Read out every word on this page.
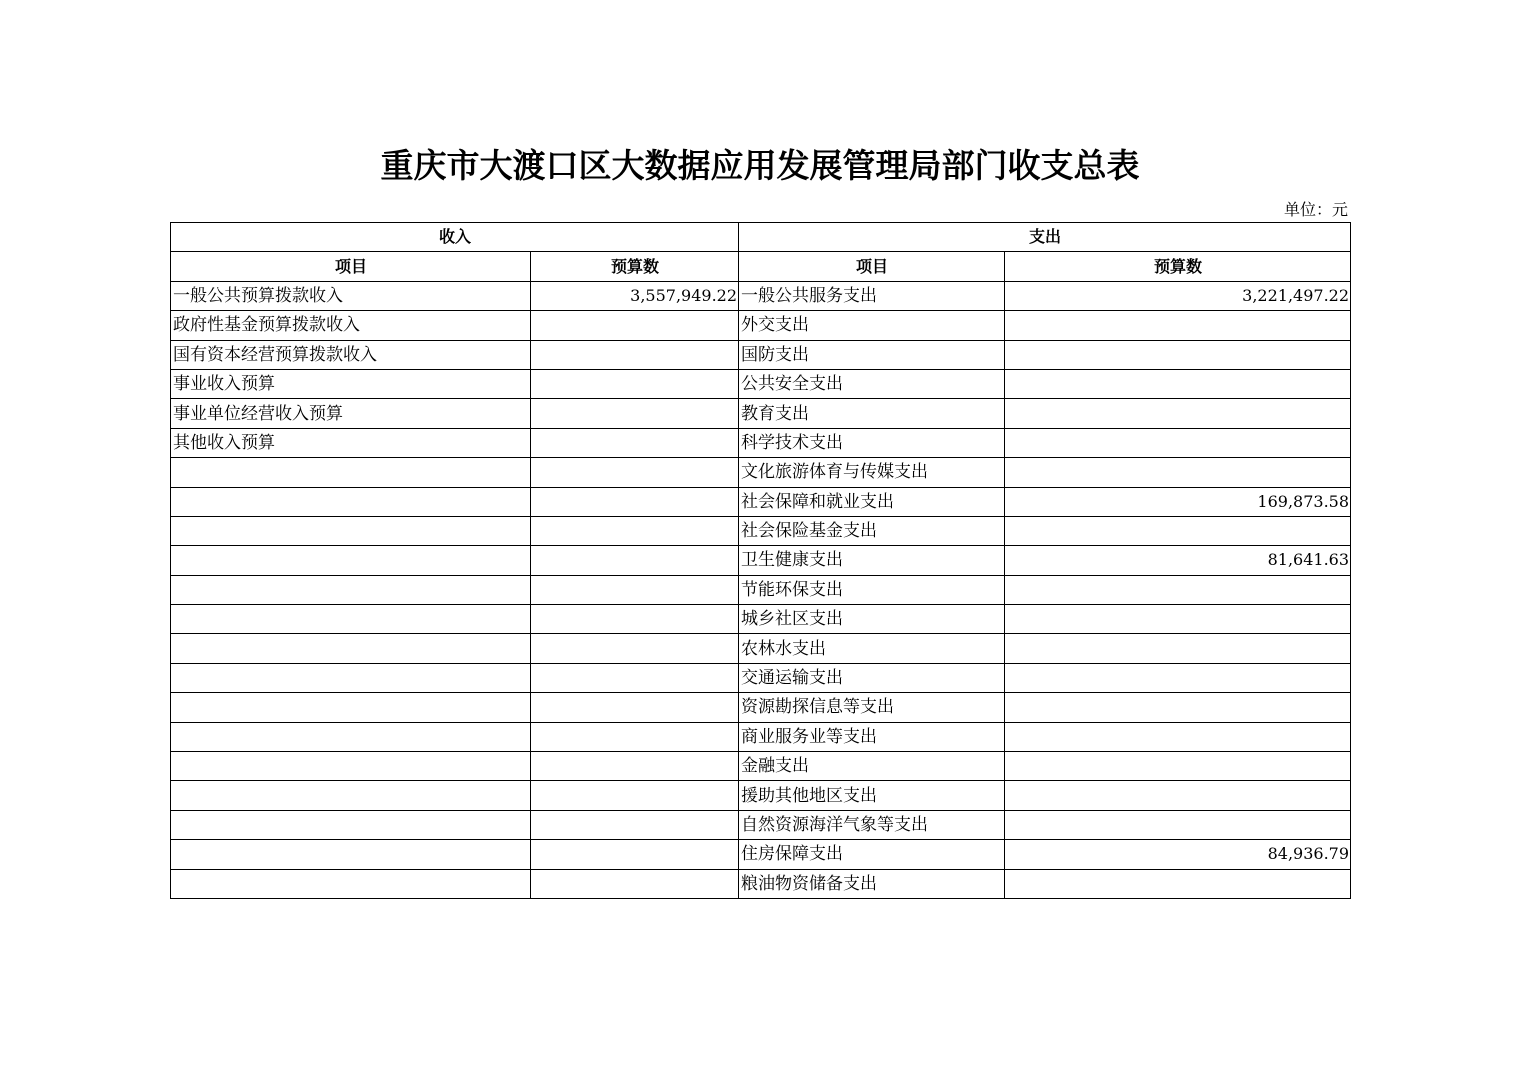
重庆市大渡口区大数据应用发展管理局部门收支总表
单位：元
收入		支出	
项目	预算数	项目	预算数
一般公共预算拨款收入	3,557,949.22	一般公共服务支出	3,221,497.22
政府性基金预算拨款收入		外交支出	
国有资本经营预算拨款收入		国防支出	
事业收入预算		公共安全支出	
事业单位经营收入预算		教育支出	
其他收入预算		科学技术支出	
		文化旅游体育与传媒支出	
		社会保障和就业支出	169,873.58
		社会保险基金支出	
		卫生健康支出	81,641.63
		节能环保支出	
		城乡社区支出	
		农林水支出	
		交通运输支出	
		资源勘探信息等支出	
		商业服务业等支出	
		金融支出	
		援助其他地区支出	
		自然资源海洋气象等支出	
		住房保障支出	84,936.79
		粮油物资储备支出	
